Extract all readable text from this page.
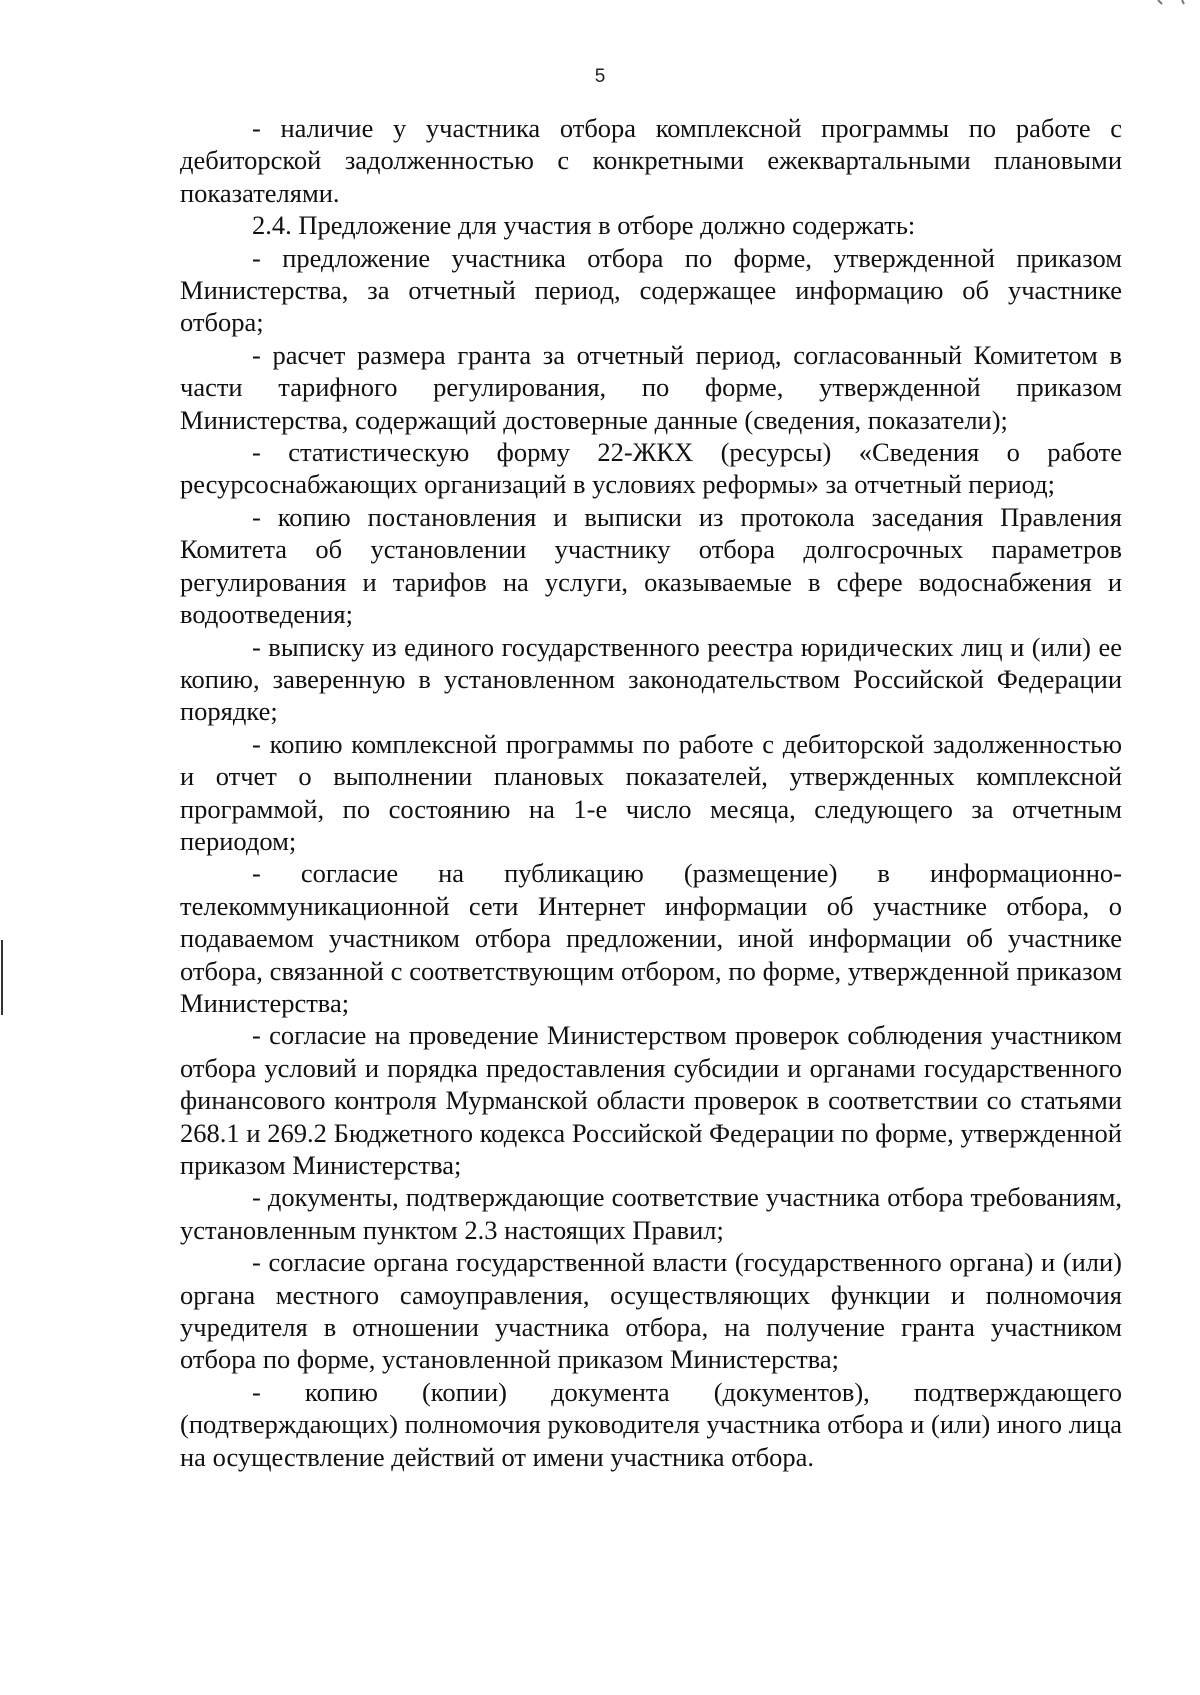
5

- наличие у участника отбора комплексной программы по работе с дебиторской задолженностью с конкретными ежеквартальными плановыми показателями.

2.4. Предложение для участия в отборе должно содержать:

- предложение участника отбора по форме, утвержденной приказом Министерства, за отчетный период, содержащее информацию об участнике отбора;

- расчет размера гранта за отчетный период, согласованный Комитетом в части тарифного регулирования, по форме, утвержденной приказом Министерства, содержащий достоверные данные (сведения, показатели);

- статистическую форму 22-ЖКХ (ресурсы) «Сведения о работе ресурсоснабжающих организаций в условиях реформы» за отчетный период;

- копию постановления и выписки из протокола заседания Правления Комитета об установлении участнику отбора долгосрочных параметров регулирования и тарифов на услуги, оказываемые в сфере водоснабжения и водоотведения;

- выписку из единого государственного реестра юридических лиц и (или) ее копию, заверенную в установленном законодательством Российской Федерации порядке;

- копию комплексной программы по работе с дебиторской задолженностью и отчет о выполнении плановых показателей, утвержденных комплексной программой, по состоянию на 1-е число месяца, следующего за отчетным периодом;

- согласие на публикацию (размещение) в информационно-телекоммуникационной сети Интернет информации об участнике отбора, о подаваемом участником отбора предложении, иной информации об участнике отбора, связанной с соответствующим отбором, по форме, утвержденной приказом Министерства;

- согласие на проведение Министерством проверок соблюдения участником отбора условий и порядка предоставления субсидии и органами государственного финансового контроля Мурманской области проверок в соответствии со статьями 268.1 и 269.2 Бюджетного кодекса Российской Федерации по форме, утвержденной приказом Министерства;

- документы, подтверждающие соответствие участника отбора требованиям, установленным пунктом 2.3 настоящих Правил;

- согласие органа государственной власти (государственного органа) и (или) органа местного самоуправления, осуществляющих функции и полномочия учредителя в отношении участника отбора, на получение гранта участником отбора по форме, установленной приказом Министерства;

- копию (копии) документа (документов), подтверждающего (подтверждающих) полномочия руководителя участника отбора и (или) иного лица на осуществление действий от имени участника отбора.
